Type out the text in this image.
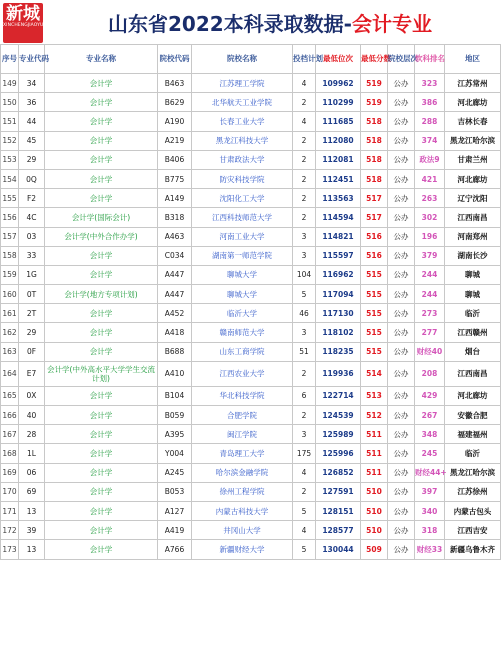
新城
XINCHENGJIAOYU	山东省2022本科录取数据-会计专业
序号	专业代码	专业名称	院校代码	院校名称	投档计划	最低位次	最低分数	院校层次	软科排名	地区
149	34	会计学	B463	江苏理工学院	4	109962	519	公办	323	江苏常州
150	36	会计学	B629	北华航天工业学院	2	110299	519	公办	386	河北廊坊
151	44	会计学	A190	长春工业大学	4	111685	518	公办	288	吉林长春
152	45	会计学	A219	黑龙江科技大学	2	112080	518	公办	374	黑龙江哈尔滨
153	29	会计学	B406	甘肃政法大学	2	112081	518	公办	政法9	甘肃兰州
154	0Q	会计学	B775	防灾科技学院	2	112451	518	公办	421	河北廊坊
155	F2	会计学	A149	沈阳化工大学	2	113563	517	公办	263	辽宁沈阳
156	4C	会计学(国际会计)	B318	江西科技师范大学	2	114594	517	公办	302	江西南昌
157	03	会计学(中外合作办学)	A463	河南工业大学	3	114821	516	公办	196	河南郑州
158	33	会计学	C034	湖南第一师范学院	3	115597	516	公办	379	湖南长沙
159	1G	会计学	A447	聊城大学	104	116962	515	公办	244	聊城
160	0T	会计学(地方专项计划)	A447	聊城大学	5	117094	515	公办	244	聊城
161	2T	会计学	A452	临沂大学	46	117130	515	公办	273	临沂
162	29	会计学	A418	赣南师范大学	3	118102	515	公办	277	江西赣州
163	0F	会计学	B688	山东工商学院	51	118235	515	公办	财经40	烟台
164	E7	会计学(中外高水平大学学生交流计划)	A410	江西农业大学	2	119936	514	公办	208	江西南昌
165	0X	会计学	B104	华北科技学院	6	122714	513	公办	429	河北廊坊
166	40	会计学	B059	合肥学院	2	124539	512	公办	267	安徽合肥
167	28	会计学	A395	闽江学院	3	125989	511	公办	348	福建福州
168	1L	会计学	Y004	青岛理工大学	175	125996	511	公办	245	临沂
169	06	会计学	A245	哈尔滨金融学院	4	126852	511	公办	财经44+	黑龙江哈尔滨
170	69	会计学	B053	徐州工程学院	2	127591	510	公办	397	江苏徐州
171	13	会计学	A127	内蒙古科技大学	5	128151	510	公办	340	内蒙古包头
172	39	会计学	A419	井冈山大学	4	128577	510	公办	318	江西吉安
173	13	会计学	A766	新疆财经大学	5	130044	509	公办	财经33	新疆乌鲁木齐
